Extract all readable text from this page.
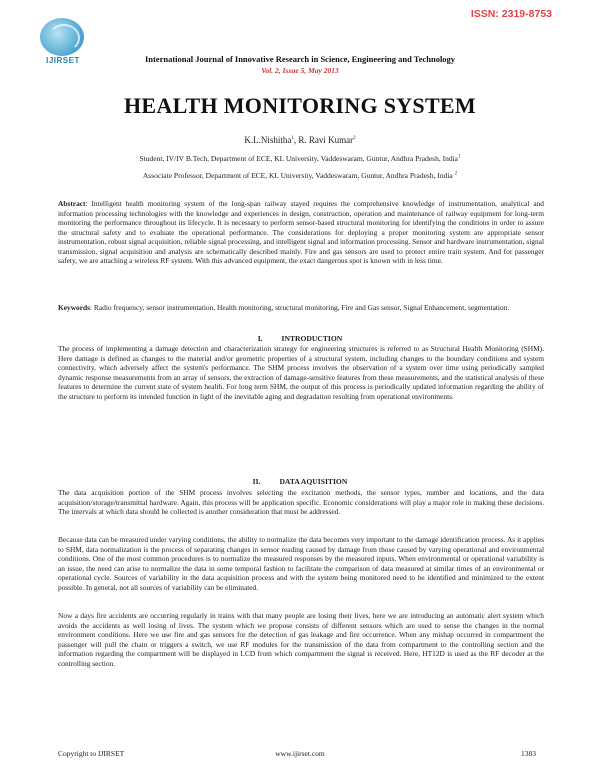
IJIRSET
ISSN: 2319-8753
International Journal of Innovative Research in Science, Engineering and Technology
Vol. 2, Issue 5, May 2013
HEALTH MONITORING SYSTEM
K.L.Nishitha$^1$, R. Ravi Kumar$^2$
Student, IV/IV B.Tech, Department of ECE, KL University, Vaddeswaram, Guntur, Andhra Pradesh, India$^1$
Associate Professor, Department of ECE, KL University, Vaddeswaram, Guntur, Andhra Pradesh, India $^2$

Abstract: Intelligent health monitoring system of the long-span railway stayed requires the comprehensive knowledge of instrumentation, analytical and information processing technologies with the knowledge and experiences in design, construction, operation and maintenance of railway equipment for long-term monitoring the performance throughout its lifecycle. It is necessary to perform sensor-based structural monitoring for identifying the conditions in order to assure the structural safety and to evaluate the operational performance. The considerations for deploying a proper monitoring system are appropriate sensor instrumentation, robust signal acquisition, reliable signal processing, and intelligent signal and information processing. Sensor and hardware instrumentation, signal transmission, signal acquisition and analysis are schematically described mainly. Fire and gas sensors are used to protect entire train system. And for passenger safety, we are attaching a wireless RF system. With this advanced equipment, the exact dangerous spot is known with in less time.

Keywords: Radio frequency, sensor instrumentation, Health monitoring, structural monitoring, Fire and Gas sensor, Signal Enhancement, segmentation.

I.          INTRODUCTION
The process of implementing a damage detection and characterization strategy for engineering structures is referred to as Structural Health Monitoring (SHM). Here damage is defined as changes to the material and/or geometric properties of a structural system, including changes to the boundary conditions and system connectivity, which adversely affect the system's performance. The SHM process involves the observation of a system over time using periodically sampled dynamic response measurements from an array of sensors, the extraction of damage-sensitive features from these measurements, and the statistical analysis of these features to determine the current state of system health. For long term SHM, the output of this process is periodically updated information regarding the ability of the structure to perform its intended function in light of the inevitable aging and degradation resulting from operational environments.
II.          DATA AQUISITION
The data acquisition portion of the SHM process involves selecting the excitation methods, the sensor types, number and locations, and the data acquisition/storage/transmittal hardware. Again, this process will be application specific. Economic considerations will play a major role in making these decisions. The intervals at which data should be collected is another consideration that must be addressed.
Because data can be measured under varying conditions, the ability to normalize the data becomes very important to the damage identification process. As it applies to SHM, data normalization is the process of separating changes in sensor reading caused by damage from those caused by varying operational and environmental conditions. One of the most common procedures is to normalize the measured responses by the measured inputs. When environmental or operational variability is an issue, the need can arise to normalize the data in some temporal fashion to facilitate the comparison of data measured at similar times of an environmental or operational cycle. Sources of variability in the data acquisition process and with the system being monitored need to be identified and minimized to the extent possible. In general, not all sources of variability can be eliminated.
Now a days fire accidents are occurring regularly in trains with that many people are losing their lives, here we are introducing an automatic alert system which avoids the accidents as well losing of lives. The system which we propose consists of different sensors which are used to sense the changes in the normal environment conditions. Here we use fire and gas sensors for the detection of gas leakage and fire occurrence. When any mishap occurred in compartment the passenger will pull the chain or triggers a switch, we use RF modules for the transmission of the data from compartment to the controlling section and the information regarding the compartment will be displayed in LCD from which compartment the signal is received. Here, HT12D is used as the RF decoder at the controlling section.
Copyright to IJIRSET	www.ijirset.com	1383
